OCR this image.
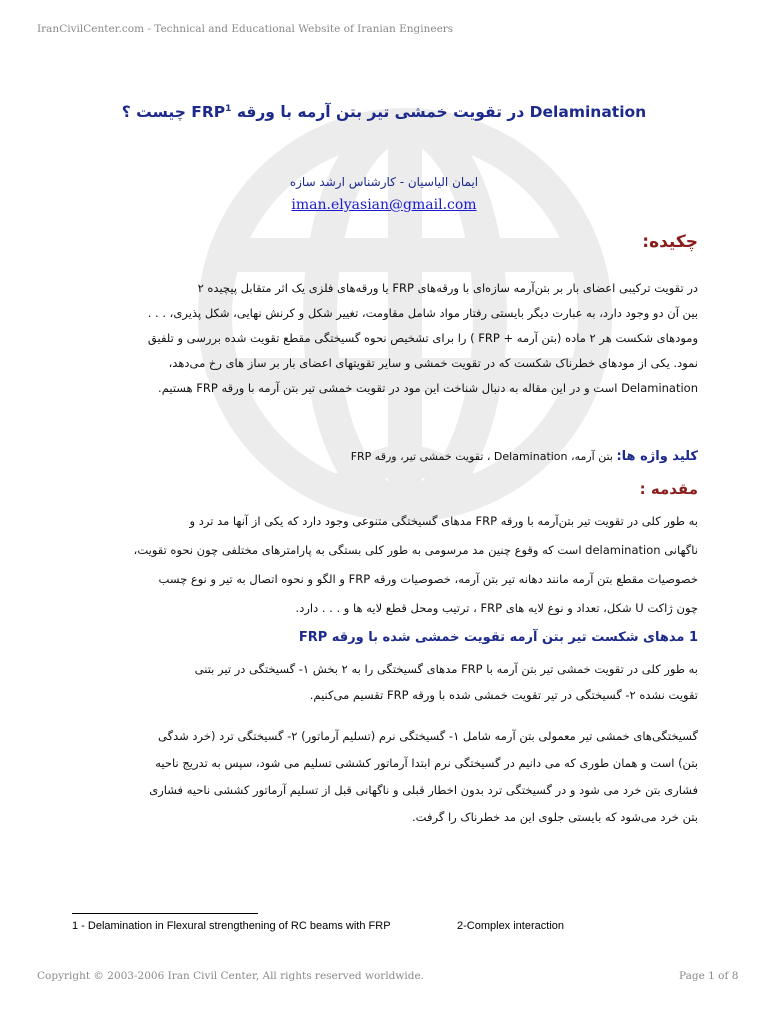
IranCivilCenter.com - Technical and Educational Website of Iranian Engineers
Delamination در تقویت خمشی تیر بتن آرمه با ورقه FRP$^1$ چیست ؟
ایمان الیاسیان - کارشناس ارشد سازه
iman.elyasian@gmail.com
چکیده:
در تقویت ترکیبی اعضای بار بر بتن‌آرمه سازه‌ای با ورقه‌های FRP یا ورقه‌های فلزی یک اثر متقابل پیچیده ۲
بین آن دو وجود دارد، به عبارت دیگر بایستی رفتار مواد شامل مقاومت، تغییر شکل و کرنش نهایی، شکل پذیری، . . .
ومودهای شکست هر ۲ ماده (بتن آرمه + FRP ) را برای تشخیص نحوه گسیختگی مقطع تقویت شده بررسی و تلفیق
نمود. یکی از مودهای خطرناک شکست که در تقویت خمشی و سایر تقویتهای اعضای بار بر ساز های رخ می‌دهد،
Delamination است و در این مقاله به دنبال شناخت این مود در تقویت خمشی تیر بتن آرمه با ورقه FRP هستیم.
کلید واژه ها: بتن آرمه، Delamination ، تقویت خمشی تیر، ورقه FRP
مقدمه :
به طور کلی در تقویت تیر بتن‌آرمه با ورقه FRP مدهای گسیختگی متنوعی وجود دارد که یکی از آنها مد ترد و
ناگهانی delamination است که وقوع چنین مد مرسومی به طور کلی بستگی به پارامترهای مختلفی چون نحوه تقویت،
خصوصیات مقطع بتن آرمه مانند دهانه تیر بتن آرمه، خصوصیات ورقه FRP و الگو و نحوه اتصال به تیر و نوع چسب
چون ژاکت U شکل، تعداد و نوع لایه های FRP ، ترتیب ومحل قطع لایه ها و . . . دارد.
1 مدهای شکست تیر بتن آرمه تقویت خمشی شده با ورقه FRP
به طور کلی در تقویت خمشی تیر بتن آرمه با FRP مدهای گسیختگی را به ۲ بخش ۱- گسیختگی در تیر بتنی
تقویت نشده ۲- گسیختگی در تیر تقویت خمشی شده با ورقه FRP تقسیم می‌کنیم.
گسیختگی‌های خمشی تیر معمولی بتن آرمه شامل ۱- گسیختگی نرم (تسلیم آرماتور) ۲- گسیختگی ترد (خرد شدگی
بتن) است و همان طوری که می دانیم در گسیختگی نرم ابتدا آرماتور کششی تسلیم می شود، سپس به تدریج ناحیه
فشاری بتن خرد می شود و در گسیختگی ترد بدون اخطار قبلی و ناگهانی قبل از تسلیم آرماتور کششی ناحیه فشاری
بتن خرد می‌شود که بایستی جلوی این مد خطرناک را گرفت.
1 - Delamination in Flexural strengthening of RC beams with FRP	2-Complex interaction
Copyright © 2003-2006 Iran Civil Center, All rights reserved worldwide.	Page 1 of 8
